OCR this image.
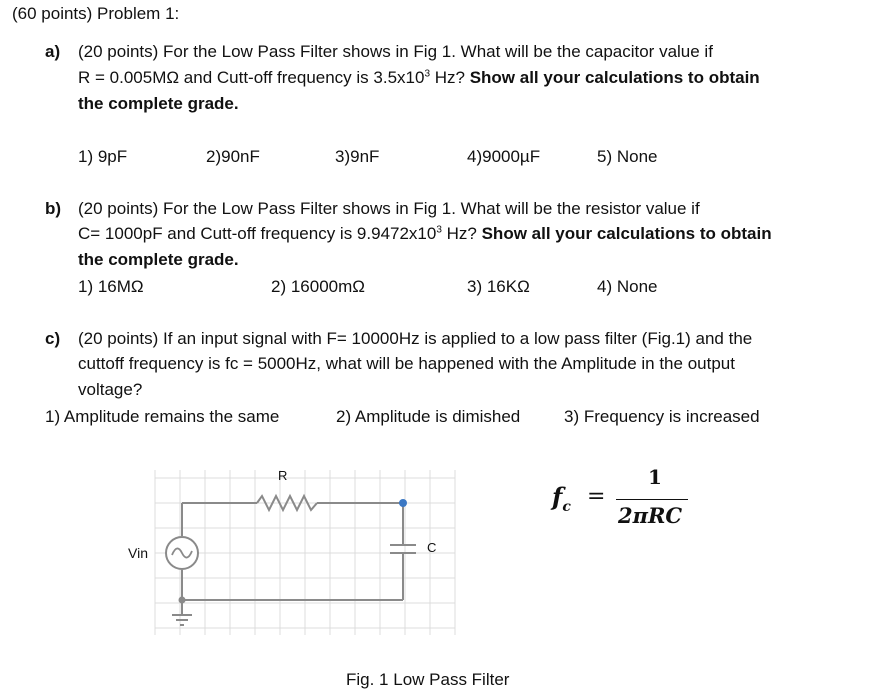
(60 points) Problem 1:
a) (20 points) For the Low Pass Filter shows in Fig 1. What will be the capacitor value if
R = 0.005MΩ and Cutt-off frequency is $3.5x10^3$ Hz? Show all your calculations to obtain
the complete grade.
1) 9pF	2)90nF	3)9nF	4)9000µF	5) None
b) (20 points) For the Low Pass Filter shows in Fig 1. What will be the resistor value if
C= 1000pF and Cutt-off frequency is $9.9472x10^3$ Hz? Show all your calculations to obtain
the complete grade.
1) 16MΩ	2) 16000mΩ	3) 16KΩ	4) None
c) (20 points) If an input signal with F= 10000Hz is applied to a low pass filter (Fig.1) and the
cuttoff frequency is fc = 5000Hz, what will be happened with the Amplitude in the output
voltage?
1) Amplitude remains the same	2) Amplitude is dimished	3) Frequency is increased
R
C
Vin
$f_c$ =
1
2πRC
Fig. 1 Low Pass Filter
